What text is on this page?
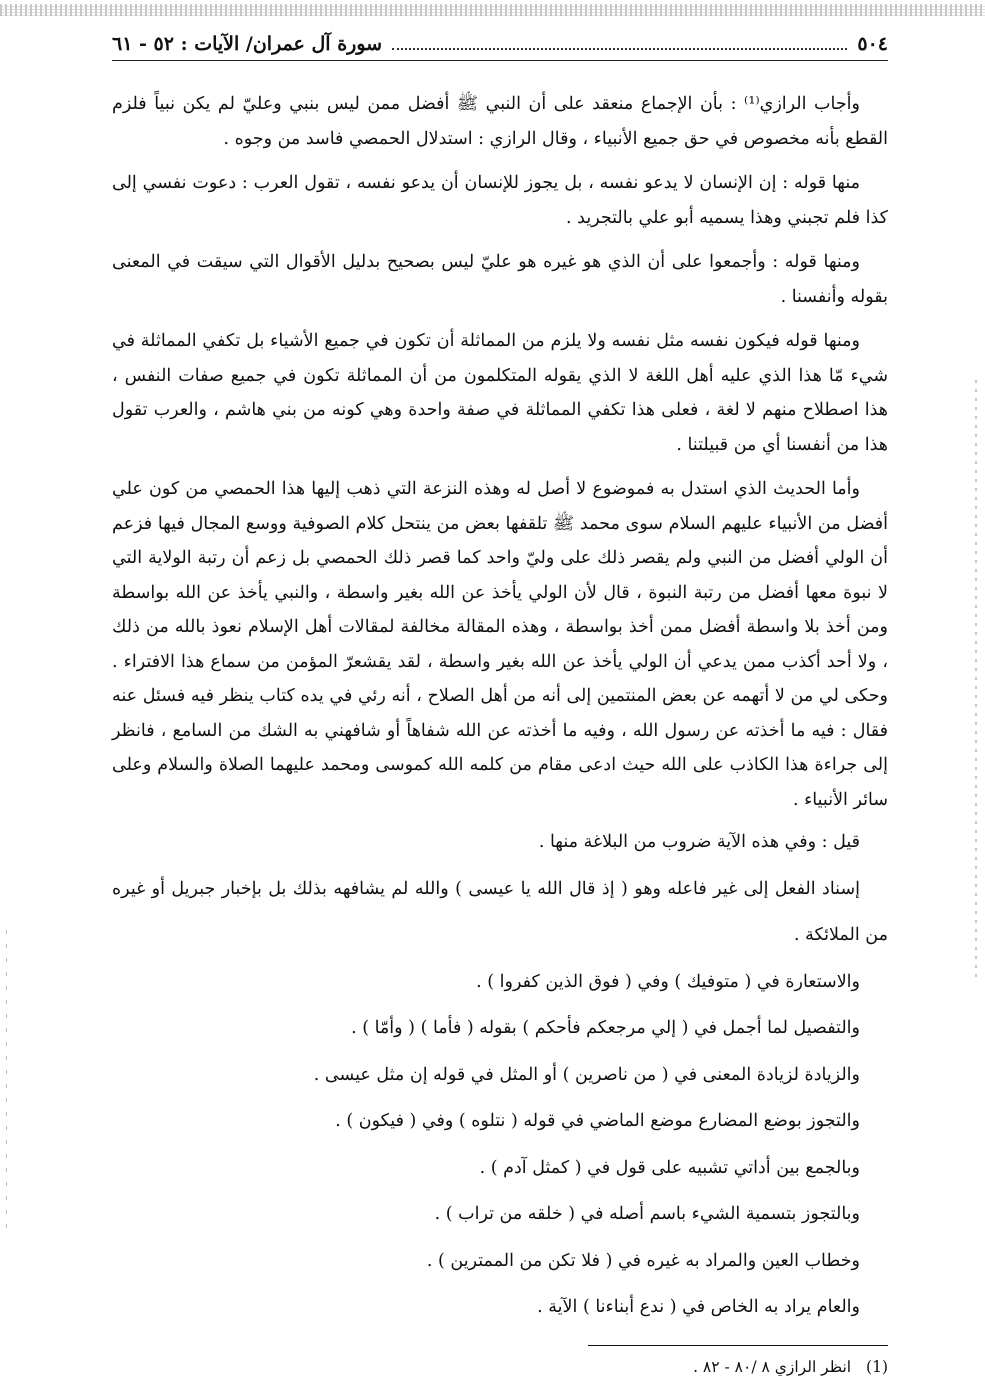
٥٠٤
سورة آل عمران/ الآيات : ٥٢ - ٦١

وأجاب الرازي⁽¹⁾ : بأن الإجماع منعقد على أن النبي ﷺ أفضل ممن ليس بنبي وعليّ لم يكن نبياً فلزم القطع بأنه مخصوص في حق جميع الأنبياء ، وقال الرازي : استدلال الحمصي فاسد من وجوه .

منها قوله : إن الإنسان لا يدعو نفسه ، بل يجوز للإنسان أن يدعو نفسه ، تقول العرب : دعوت نفسي إلى كذا فلم تجبني وهذا يسميه أبو علي بالتجريد .

ومنها قوله : وأجمعوا على أن الذي هو غيره هو عليّ ليس بصحيح بدليل الأقوال التي سيقت في المعنى بقوله وأنفسنا .

ومنها قوله فيكون نفسه مثل نفسه ولا يلزم من المماثلة أن تكون في جميع الأشياء بل تكفي المماثلة في شيء مّا هذا الذي عليه أهل اللغة لا الذي يقوله المتكلمون من أن المماثلة تكون في جميع صفات النفس ، هذا اصطلاح منهم لا لغة ، فعلى هذا تكفي المماثلة في صفة واحدة وهي كونه من بني هاشم ، والعرب تقول هذا من أنفسنا أي من قبيلتنا .

وأما الحديث الذي استدل به فموضوع لا أصل له وهذه النزعة التي ذهب إليها هذا الحمصي من كون علي أفضل من الأنبياء عليهم السلام سوى محمد ﷺ تلقفها بعض من ينتحل كلام الصوفية ووسع المجال فيها فزعم أن الولي أفضل من النبي ولم يقصر ذلك على وليّ واحد كما قصر ذلك الحمصي بل زعم أن رتبة الولاية التي لا نبوة معها أفضل من رتبة النبوة ، قال لأن الولي يأخذ عن الله بغير واسطة ، والنبي يأخذ عن الله بواسطة ومن أخذ بلا واسطة أفضل ممن أخذ بواسطة ، وهذه المقالة مخالفة لمقالات أهل الإسلام نعوذ بالله من ذلك ، ولا أحد أكذب ممن يدعي أن الولي يأخذ عن الله بغير واسطة ، لقد يقشعرّ المؤمن من سماع هذا الافتراء . وحكى لي من لا أتهمه عن بعض المنتمين إلى أنه من أهل الصلاح ، أنه رئي في يده كتاب ينظر فيه فسئل عنه فقال : فيه ما أخذته عن رسول الله ، وفيه ما أخذته عن الله شفاهاً أو شافهني به الشك من السامع ، فانظر إلى جراءة هذا الكاذب على الله حيث ادعى مقام من كلمه الله كموسى ومحمد عليهما الصلاة والسلام وعلى سائر الأنبياء .

قيل : وفي هذه الآية ضروب من البلاغة منها .
إسناد الفعل إلى غير فاعله وهو ( إذ قال الله يا عيسى ) والله لم يشافهه بذلك بل بإخبار جبريل أو غيره من الملائكة .
والاستعارة في ( متوفيك ) وفي ( فوق الذين كفروا ) .
والتفصيل لما أجمل في ( إلي مرجعكم فأحكم ) بقوله ( فأما ) ( وأمّا ) .
والزيادة لزيادة المعنى في ( من ناصرين ) أو المثل في قوله إن مثل عيسى .
والتجوز بوضع المضارع موضع الماضي في قوله ( نتلوه ) وفي ( فيكون ) .
وبالجمع بين أداتي تشبيه على قول في ( كمثل آدم ) .
وبالتجوز بتسمية الشيء باسم أصله في ( خلقه من تراب ) .
وخطاب العين والمراد به غيره في ( فلا تكن من الممترين ) .
والعام يراد به الخاص في ( ندع أبناءنا ) الآية .
(1) انظر الرازي ٨ /٨٠ - ٨٢ .
